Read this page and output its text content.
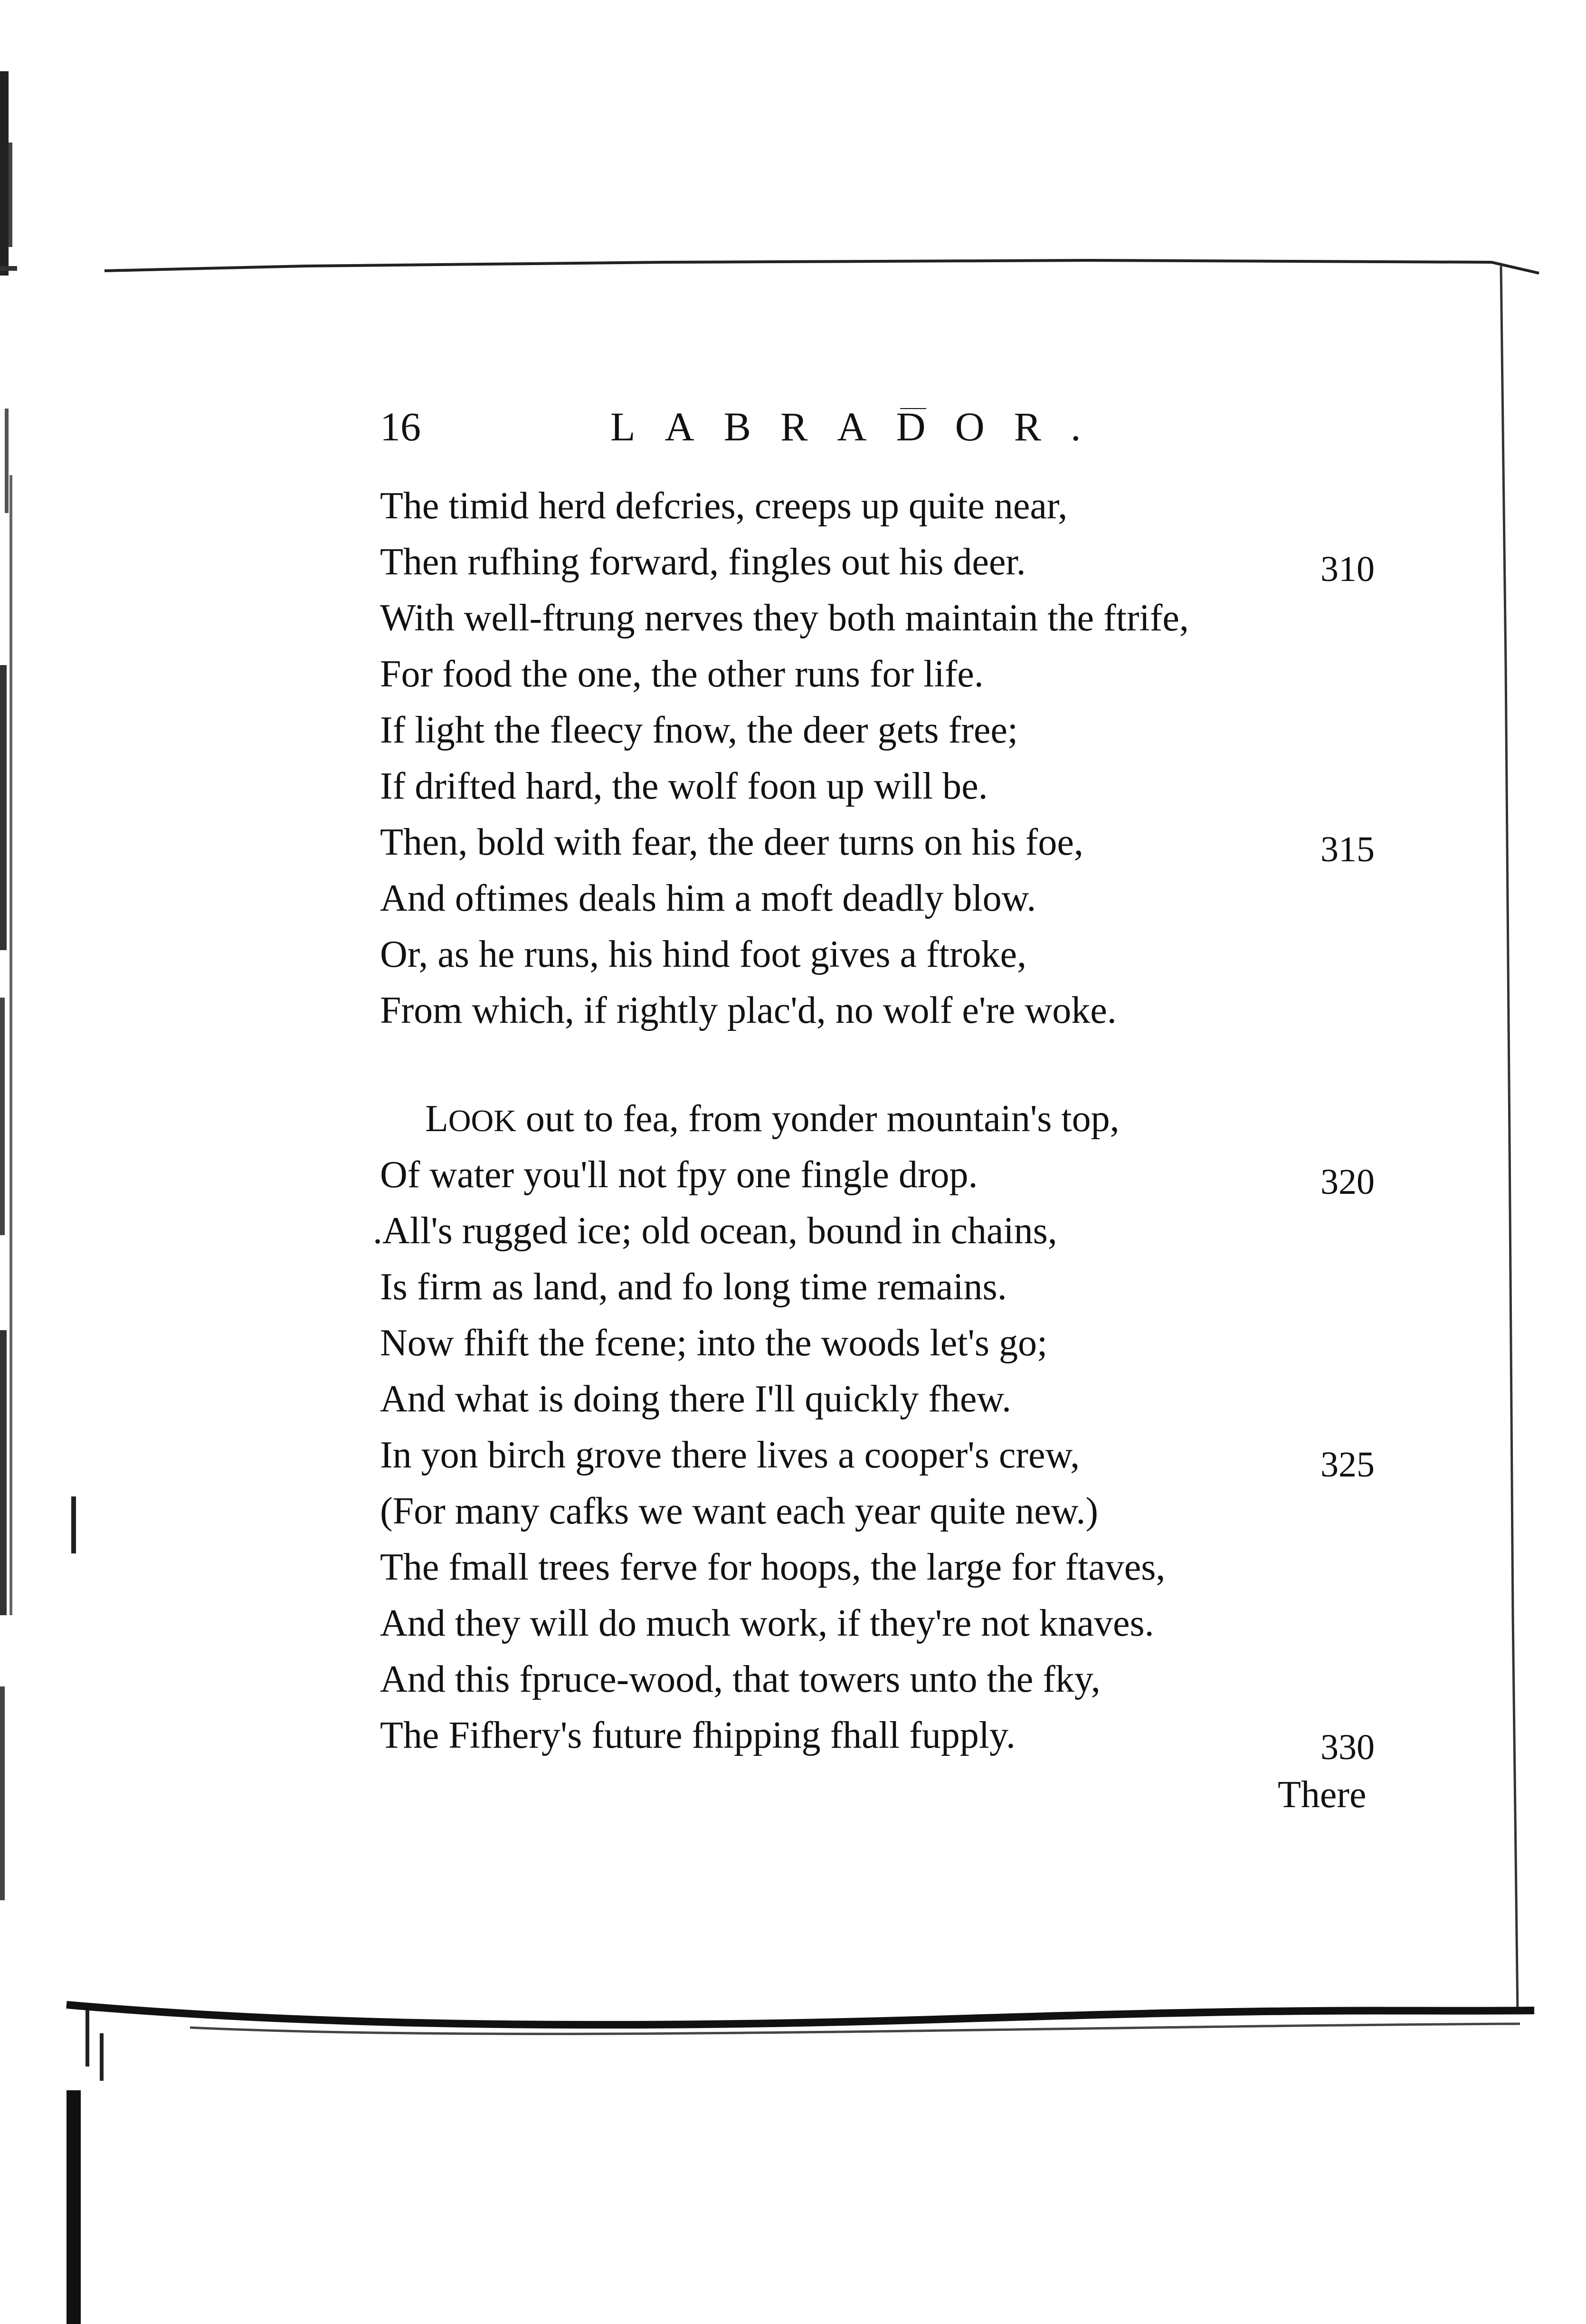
16	LABRADOR.
The timid herd defcries, creeps up quite near,
Then rufhing forward, fingles out his deer.
With well-ftrung nerves they both maintain the ftrife,
For food the one, the other runs for life.
If light the fleecy fnow, the deer gets free;
If drifted hard, the wolf foon up will be.
Then, bold with fear, the deer turns on his foe,
And oftimes deals him a moft deadly blow.
Or, as he runs, his hind foot gives a ftroke,
From which, if rightly plac'd, no wolf e're woke.
LOOK out to fea, from yonder mountain's top,
Of water you'll not fpy one fingle drop.
.All's rugged ice; old ocean, bound in chains,
Is firm as land, and fo long time remains.
Now fhift the fcene; into the woods let's go;
And what is doing there I'll quickly fhew.
In yon birch grove there lives a cooper's crew,
(For many cafks we want each year quite new.)
The fmall trees ferve for hoops, the large for ftaves,
And they will do much work, if they're not knaves.
And this fpruce-wood, that towers unto the fky,
The Fifhery's future fhipping fhall fupply.
310
315
320
325
330
There
